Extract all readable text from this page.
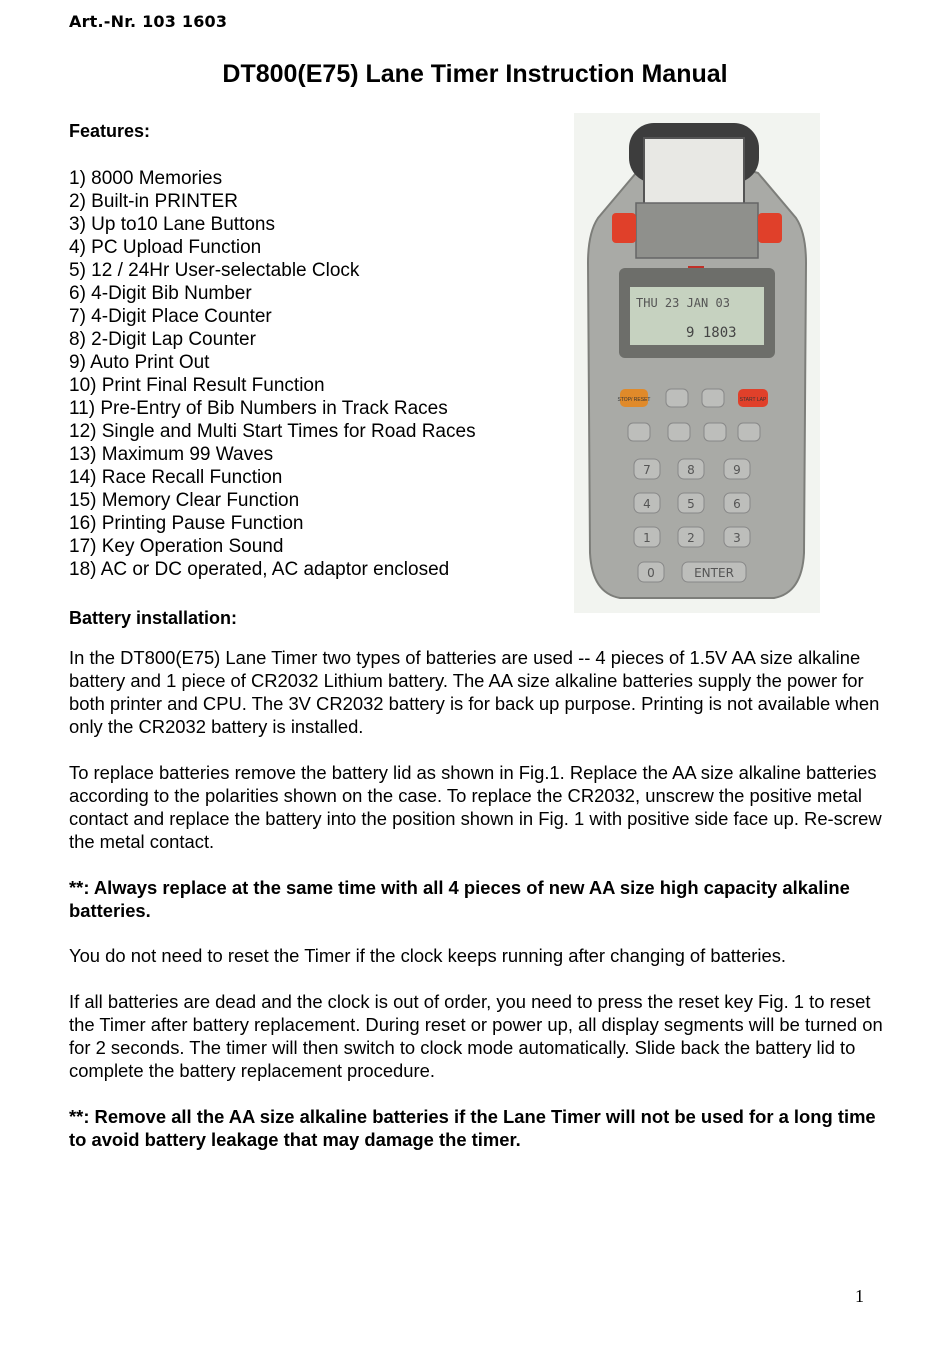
Art.-Nr. 103 1603
DT800(E75) Lane Timer Instruction Manual
Features:
1) 8000 Memories
2) Built-in PRINTER
3) Up to10 Lane Buttons
4) PC Upload Function
5) 12 / 24Hr User-selectable Clock
6) 4-Digit Bib Number
7) 4-Digit Place Counter
8) 2-Digit Lap Counter
9) Auto Print Out
10) Print Final Result Function
11) Pre-Entry of Bib Numbers in Track Races
12) Single and Multi Start Times for Road Races
13) Maximum 99 Waves
14) Race Recall Function
15) Memory Clear Function
16) Printing Pause Function
17) Key Operation Sound
18) AC or DC operated, AC adaptor enclosed
THU 23 JAN 03
9 1803
STOP/ RESET	START LAP
7	8	9
4	5	6
1	2	3
0	ENTER
Battery installation:

In the DT800(E75) Lane Timer two types of batteries are used -- 4 pieces of 1.5V AA size alkaline battery and 1 piece of CR2032 Lithium battery. The AA size alkaline batteries supply the power for both printer and CPU. The 3V CR2032 battery is for back up purpose. Printing is not available when only the CR2032 battery is installed.

To replace batteries remove the battery lid as shown in Fig.1. Replace the AA size alkaline batteries according to the polarities shown on the case. To replace the CR2032, unscrew the positive metal contact and replace the battery into the position shown in Fig. 1 with positive side face up. Re-screw the metal contact.

**: Always replace at the same time with all 4 pieces of new AA size high capacity alkaline batteries.

You do not need to reset the Timer if the clock keeps running after changing of batteries.

If all batteries are dead and the clock is out of order, you need to press the reset key Fig. 1 to reset the Timer after battery replacement. During reset or power up, all display segments will be turned on for 2 seconds. The timer will then switch to clock mode automatically. Slide back the battery lid to complete the battery replacement procedure.

**: Remove all the AA size alkaline batteries if the Lane Timer will not be used for a long time to avoid battery leakage that may damage the timer.

1
